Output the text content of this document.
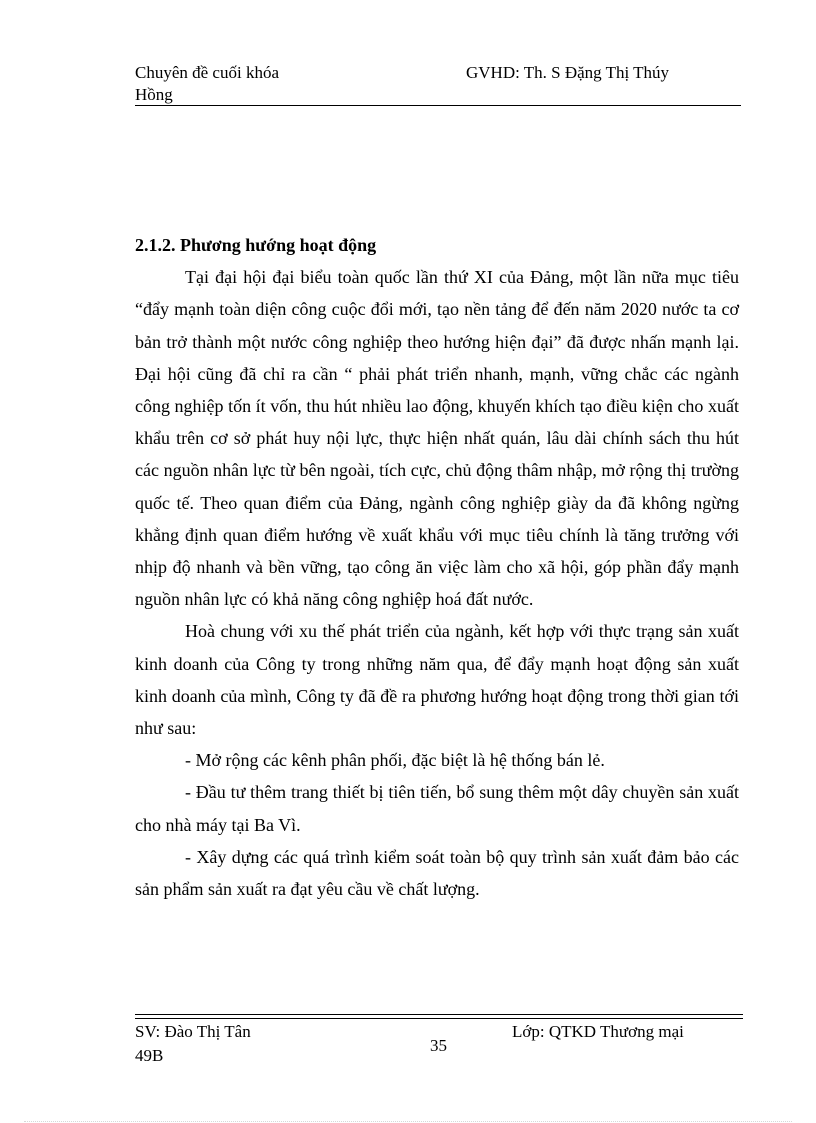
Chuyên đề cuối khóa
Hồng
GVHD: Th. S Đặng Thị Thúy

2.1.2. Phương hướng hoạt động

Tại đại hội đại biểu toàn quốc lần thứ XI của Đảng, một lần nữa mục tiêu “đẩy mạnh toàn diện công cuộc đổi mới, tạo nền tảng để đến năm 2020 nước ta cơ bản trở thành một nước công nghiệp theo hướng hiện đại” đã được nhấn mạnh lại. Đại hội cũng đã chỉ ra cần “ phải phát triển nhanh, mạnh, vững chắc các ngành công nghiệp tốn ít vốn, thu hút nhiều lao động, khuyến khích tạo điều kiện cho xuất khẩu trên cơ sở phát huy nội lực, thực hiện nhất quán, lâu dài chính sách thu hút các nguồn nhân lực từ bên ngoài, tích cực, chủ động thâm nhập, mở rộng thị trường quốc tế. Theo quan điểm của Đảng, ngành công nghiệp giày da đã không ngừng khẳng định quan điểm hướng về xuất khẩu với mục tiêu chính là tăng trưởng với nhịp độ nhanh và bền vững, tạo công ăn việc làm cho xã hội, góp phần đẩy mạnh nguồn nhân lực có khả năng công nghiệp hoá đất nước.

Hoà chung với xu thế phát triển của ngành, kết hợp với thực trạng sản xuất kinh doanh của Công ty trong những năm qua, để đẩy mạnh hoạt động sản xuất kinh doanh của mình, Công ty đã đề ra phương hướng hoạt động trong thời gian tới như sau:

- Mở rộng các kênh phân phối, đặc biệt là hệ thống bán lẻ.

- Đầu tư thêm trang thiết bị tiên tiến, bổ sung thêm một dây chuyền sản xuất cho nhà máy tại Ba Vì.

- Xây dựng các quá trình kiểm soát toàn bộ quy trình sản xuất đảm bảo các sản phẩm sản xuất ra đạt yêu cầu về chất lượng.

SV: Đào Thị Tân
49B
35
Lớp: QTKD Thương mại
